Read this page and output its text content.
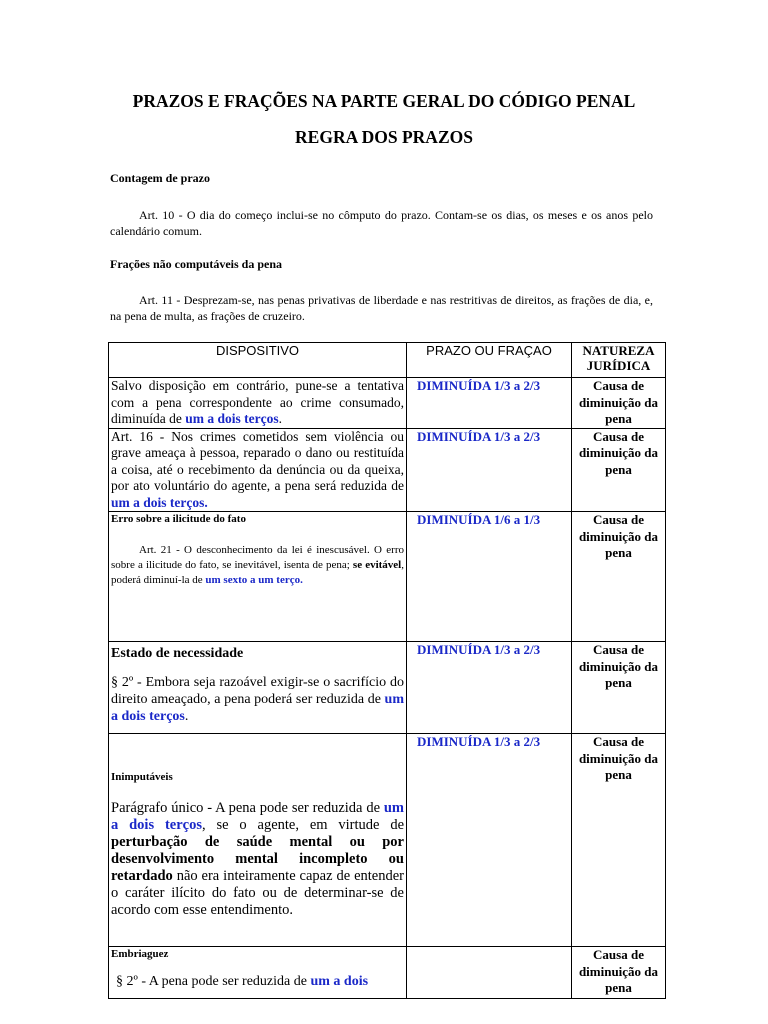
PRAZOS E FRAÇÕES NA PARTE GERAL DO CÓDIGO PENAL
REGRA DOS PRAZOS
Contagem de prazo
Art. 10 - O dia do começo inclui-se no cômputo do prazo. Contam-se os dias, os meses e os anos pelo calendário comum.
Frações não computáveis da pena
Art. 11 - Desprezam-se, nas penas privativas de liberdade e nas restritivas de direitos, as frações de dia, e, na pena de multa, as frações de cruzeiro.
DISPOSITIVO	PRAZO OU FRAÇAO	NATUREZA JURÍDICA
Salvo disposição em contrário, pune-se a tentativa com a pena correspondente ao crime consumado, diminuída de um a dois terços.	DIMINUÍDA 1/3 a 2/3	Causa de diminuição da pena
Art. 16 - Nos crimes cometidos sem violência ou grave ameaça à pessoa, reparado o dano ou restituída a coisa, até o recebimento da denúncia ou da queixa, por ato voluntário do agente, a pena será reduzida de um a dois terços.	DIMINUÍDA 1/3 a 2/3	Causa de diminuição da pena

Erro sobre a ilicitude do fato
Art. 21 - O desconhecimento da lei é inescusável. O erro sobre a ilicitude do fato, se inevitável, isenta de pena; se evitável, poderá diminuí-la de um sexto a um terço.	DIMINUÍDA 1/6 a 1/3	Causa de diminuição da pena

Estado de necessidade
§ 2º - Embora seja razoável exigir-se o sacrifício do direito ameaçado, a pena poderá ser reduzida de um a dois terços.	DIMINUÍDA 1/3 a 2/3	Causa de diminuição da pena

Inimputáveis
Parágrafo único - A pena pode ser reduzida de um a dois terços, se o agente, em virtude de perturbação de saúde mental ou por desenvolvimento mental incompleto ou retardado não era inteiramente capaz de entender o caráter ilícito do fato ou de determinar-se de acordo com esse entendimento.	DIMINUÍDA 1/3 a 2/3	Causa de diminuição da pena

Embriaguez
§ 2º - A pena pode ser reduzida de um a dois		Causa de diminuição da pena
